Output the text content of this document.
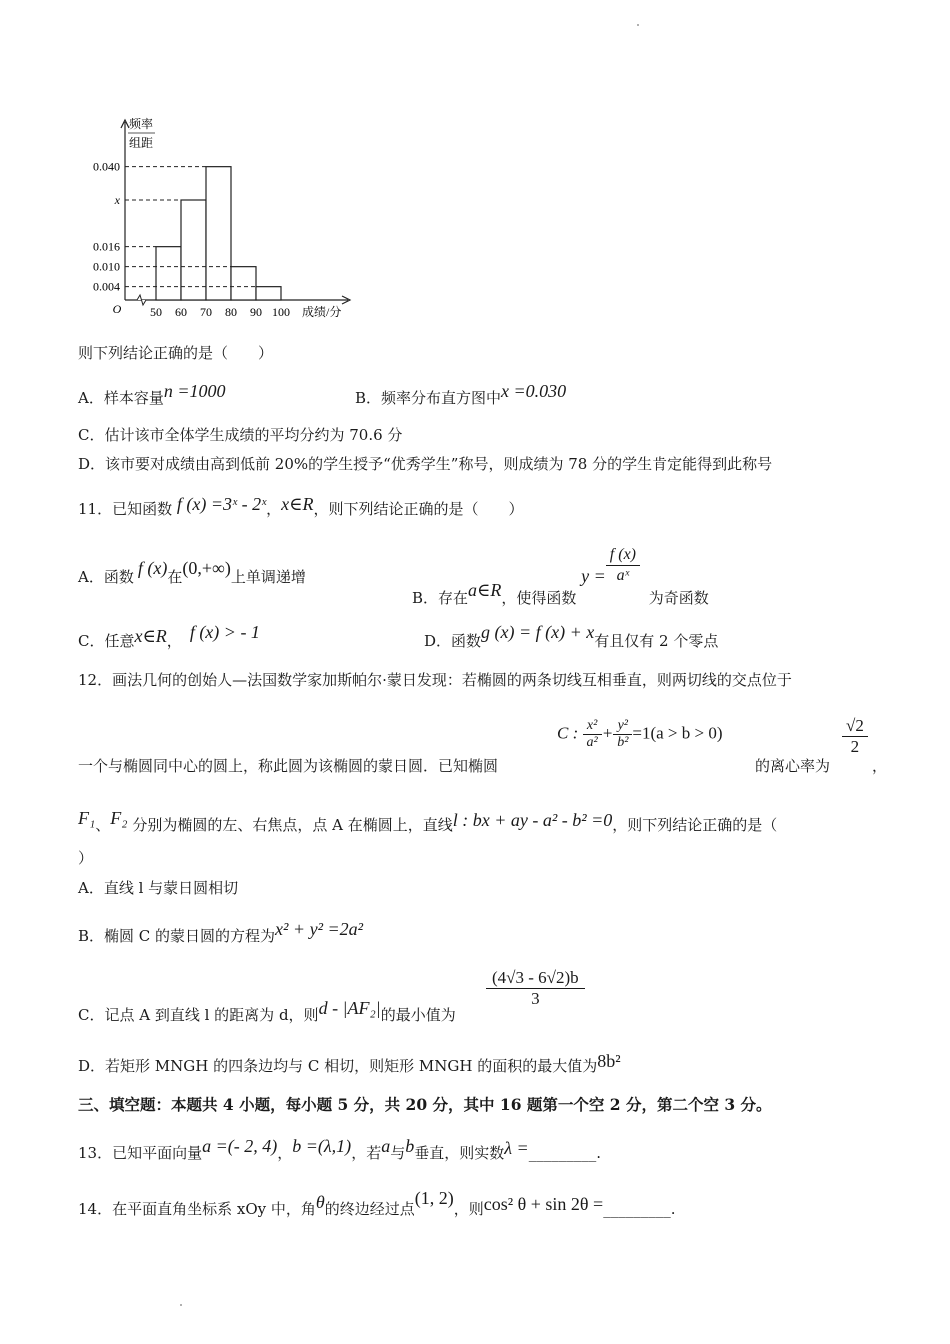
频率
组距
O
0.004
0.010
0.016
x
0.040
50 60 70 80 90 100 成绩/分
则下列结论正确的是（　　）
A．样本容量n =1000	B．频率分布直方图中x =0.030
C．估计该市全体学生成绩的平均分约为 70.6 分
D．该市要对成绩由高到低前 20%的学生授予“优秀学生”称号，则成绩为 78 分的学生肯定能得到此称号
11．已知函数 f (x) =3ˣ - 2ˣ，x∈R，则下列结论正确的是（　　）
A．函数 f (x)在(0,+∞)上单调递增
B．存在a∈R，使得函数 $y = \frac{f (x)}{\text{aˣ}}$
为奇函数
C．任意x∈R， f (x) > - 1	D．函数g (x) = f (x) + x有且仅有 2 个零点
12．画法几何的创始人—法国数学家加斯帕尔·蒙日发现：若椭圆的两条切线互相垂直，则两切线的交点位于
一个与椭圆同中心的圆上，称此圆为该椭圆的蒙日圆．已知椭圆
C : $\frac{\text{x²}}{\text{a²}} + \frac{\text{y²}}{\text{b²}} =1(a > b > 0)$
的离心率为
$\frac{√2}{2}$
，
F₁、F₂ 分别为椭圆的左、右焦点，点 A 在椭圆上，直线l : bx + ay - a² - b² =0，则下列结论正确的是（
）
A．直线 l 与蒙日圆相切
B．椭圆 C 的蒙日圆的方程为x² + y² =2a²
C．记点 A 到直线 l 的距离为 d，则d - |AF₂|的最小值为
$\frac{(4√3 - 6√2)b}{3}$
D．若矩形 MNGH 的四条边均与 C 相切，则矩形 MNGH 的面积的最大值为8b²
三、填空题：本题共 4 小题，每小题 5 分，共 20 分，其中 16 题第一个空 2 分，第二个空 3 分。
13．已知平面向量a =(- 2, 4)，b =(λ,1)，若a与b垂直，则实数λ =_________.
14．在平面直角坐标系 xOy 中，角θ的终边经过点(1, 2)，则cos² θ + sin 2θ =_________.
